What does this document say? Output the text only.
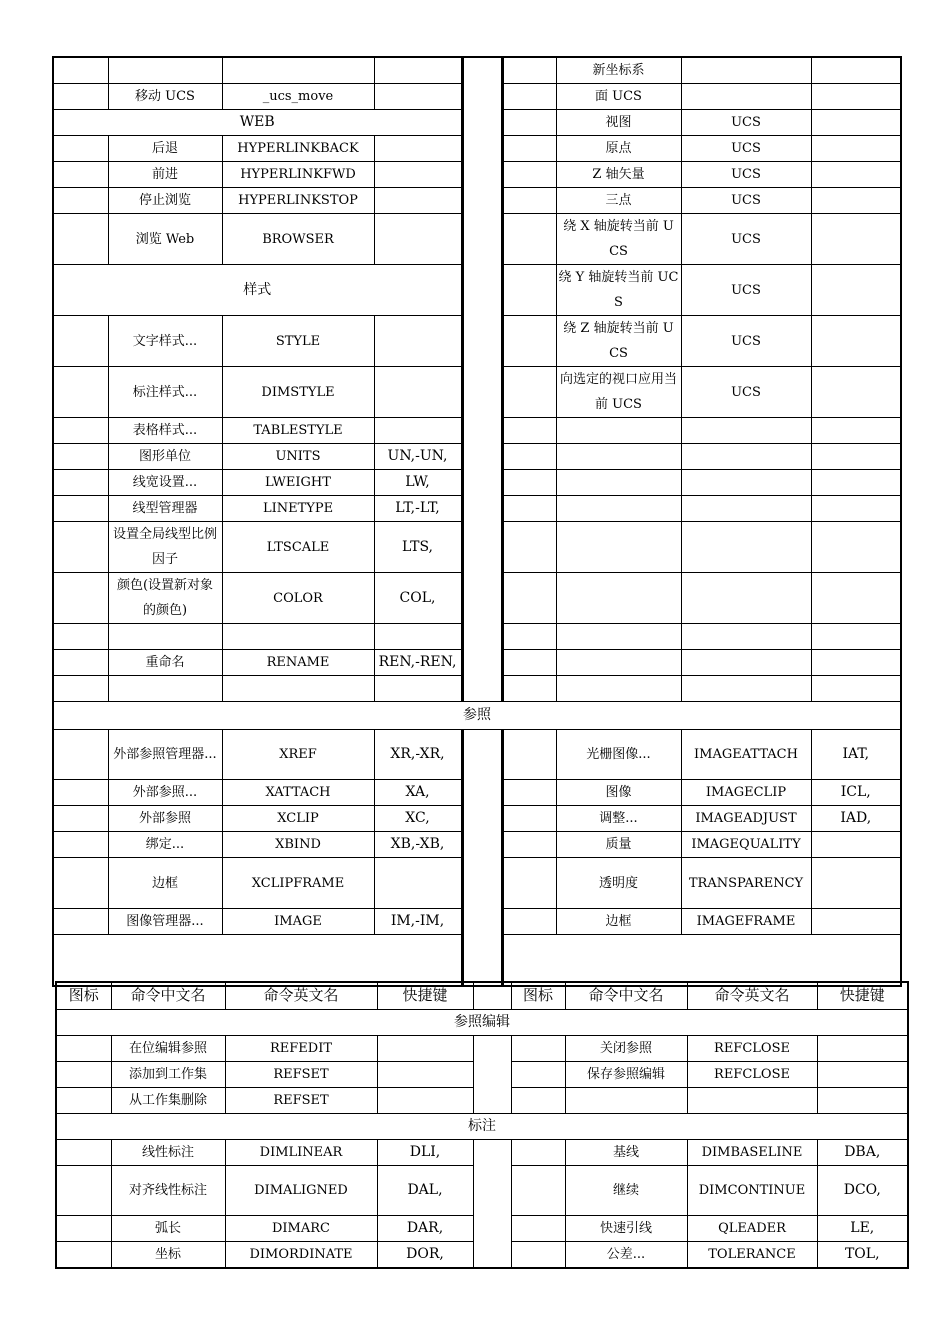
						新坐标系		
	移动 UCS	_ucs_move				面 UCS		
WEB						视图	UCS	
	后退	HYPERLINKBACK				原点	UCS	
	前进	HYPERLINKFWD				Z 轴矢量	UCS	
	停止浏览	HYPERLINKSTOP				三点	UCS	
	浏览 Web	BROWSER				绕 X 轴旋转当前 UCS	UCS	
样式						绕 Y 轴旋转当前 UCS	UCS	
	文字样式...	STYLE				绕 Z 轴旋转当前 UCS	UCS	
	标注样式...	DIMSTYLE				向选定的视口应用当前 UCS	UCS	
	表格样式...	TABLESTYLE						
	图形单位	UNITS	UN,-UN,					
	线宽设置...	LWEIGHT	LW,					
	线型管理器	LINETYPE	LT,-LT,					
	设置全局线型比例因子	LTSCALE	LTS,					
	颜色(设置新对象的颜色)	COLOR	COL,					

	重命名	RENAME	REN,-REN,					

参照								
	外部参照管理器...	XREF	XR,-XR,			光栅图像...	IMAGEATTACH	IAT,
	外部参照...	XATTACH	XA,			图像	IMAGECLIP	ICL,
	外部参照	XCLIP	XC,			调整...	IMAGEADJUST	IAD,
	绑定...	XBIND	XB,-XB,			质量	IMAGEQUALITY	
	边框	XCLIPFRAME				透明度	TRANSPARENCY	
	图像管理器...	IMAGE	IM,-IM,			边框	IMAGEFRAME	

图标	命令中文名	命令英文名	快捷键		图标	命令中文名	命令英文名	快捷键
参照编辑								
	在位编辑参照	REFEDIT				关闭参照	REFCLOSE	
	添加到工作集	REFSET				保存参照编辑	REFCLOSE	
	从工作集删除	REFSET						
标注								
	线性标注	DIMLINEAR	DLI,			基线	DIMBASELINE	DBA,
	对齐线性标注	DIMALIGNED	DAL,			继续	DIMCONTINUE	DCO,
	弧长	DIMARC	DAR,			快速引线	QLEADER	LE,
	坐标	DIMORDINATE	DOR,			公差...	TOLERANCE	TOL,
